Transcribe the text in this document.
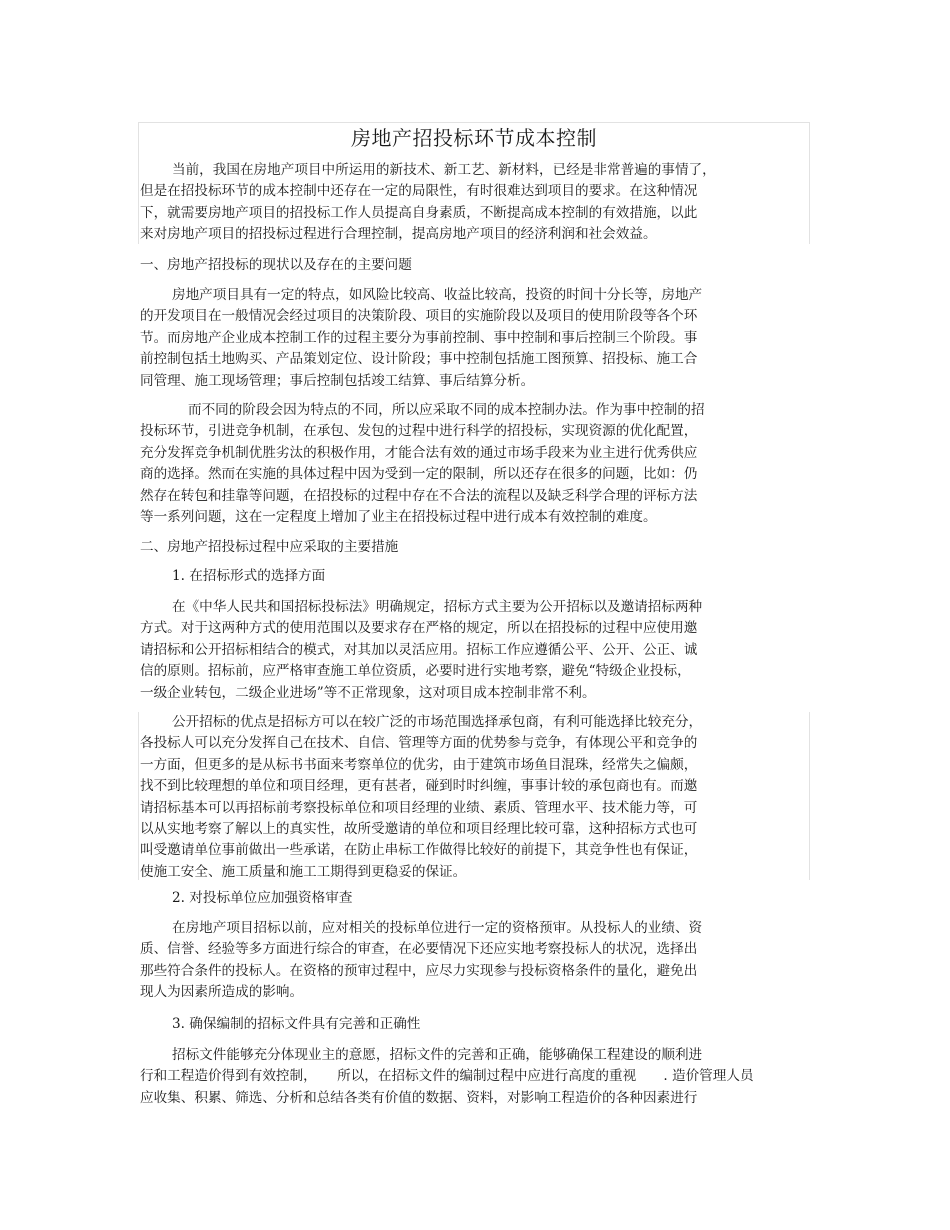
房地产招投标环节成本控制
当前，我国在房地产项目中所运用的新技术、新工艺、新材料，已经是非常普遍的事情了，
但是在招投标环节的成本控制中还存在一定的局限性，有时很难达到项目的要求。在这种情况
下，就需要房地产项目的招投标工作人员提高自身素质，不断提高成本控制的有效措施，以此
来对房地产项目的招投标过程进行合理控制，提高房地产项目的经济利润和社会效益。
一、房地产招投标的现状以及存在的主要问题
房地产项目具有一定的特点，如风险比较高、收益比较高，投资的时间十分长等，房地产
的开发项目在一般情况会经过项目的决策阶段、项目的实施阶段以及项目的使用阶段等各个环
节。而房地产企业成本控制工作的过程主要分为事前控制、事中控制和事后控制三个阶段。事
前控制包括土地购买、产品策划定位、设计阶段；事中控制包括施工图预算、招投标、施工合
同管理、施工现场管理；事后控制包括竣工结算、事后结算分析。
而不同的阶段会因为特点的不同，所以应采取不同的成本控制办法。作为事中控制的招
投标环节，引进竞争机制，在承包、发包的过程中进行科学的招投标，实现资源的优化配置，
充分发挥竞争机制优胜劣汰的积极作用，才能合法有效的通过市场手段来为业主进行优秀供应
商的选择。然而在实施的具体过程中因为受到一定的限制，所以还存在很多的问题，比如：仍
然存在转包和挂靠等问题，在招投标的过程中存在不合法的流程以及缺乏科学合理的评标方法
等一系列问题，这在一定程度上增加了业主在招投标过程中进行成本有效控制的难度。
二、房地产招投标过程中应采取的主要措施
1. 在招标形式的选择方面
在《中华人民共和国招标投标法》明确规定，招标方式主要为公开招标以及邀请招标两种
方式。对于这两种方式的使用范围以及要求存在严格的规定，所以在招投标的过程中应使用邀
请招标和公开招标相结合的模式，对其加以灵活应用。招标工作应遵循公平、公开、公正、诚
信的原则。招标前，应严格审查施工单位资质，必要时进行实地考察，避免“特级企业投标，
一级企业转包，二级企业进场”等不正常现象，这对项目成本控制非常不利。
公开招标的优点是招标方可以在较广泛的市场范围选择承包商，有利可能选择比较充分，
各投标人可以充分发挥自己在技术、自信、管理等方面的优势参与竞争，有体现公平和竞争的
一方面，但更多的是从标书书面来考察单位的优劣，由于建筑市场鱼目混珠，经常失之偏颇，
找不到比较理想的单位和项目经理，更有甚者，碰到时时纠缠，事事计较的承包商也有。而邀
请招标基本可以再招标前考察投标单位和项目经理的业绩、素质、管理水平、技术能力等，可
以从实地考察了解以上的真实性，故所受邀请的单位和项目经理比较可靠，这种招标方式也可
叫受邀请单位事前做出一些承诺，在防止串标工作做得比较好的前提下，其竞争性也有保证，
使施工安全、施工质量和施工工期得到更稳妥的保证。
2. 对投标单位应加强资格审查
在房地产项目招标以前，应对相关的投标单位进行一定的资格预审。从投标人的业绩、资
质、信誉、经验等多方面进行综合的审查，在必要情况下还应实地考察投标人的状况，选择出
那些符合条件的投标人。在资格的预审过程中，应尽力实现参与投标资格条件的量化，避免出
现人为因素所造成的影响。
3. 确保编制的招标文件具有完善和正确性
招标文件能够充分体现业主的意愿，招标文件的完善和正确，能够确保工程建设的顺利进
行和工程造价得到有效控制，　　所以，在招标文件的编制过程中应进行高度的重视　　. 造价管理人员
应收集、积累、筛选、分析和总结各类有价值的数据、资料，对影响工程造价的各种因素进行
